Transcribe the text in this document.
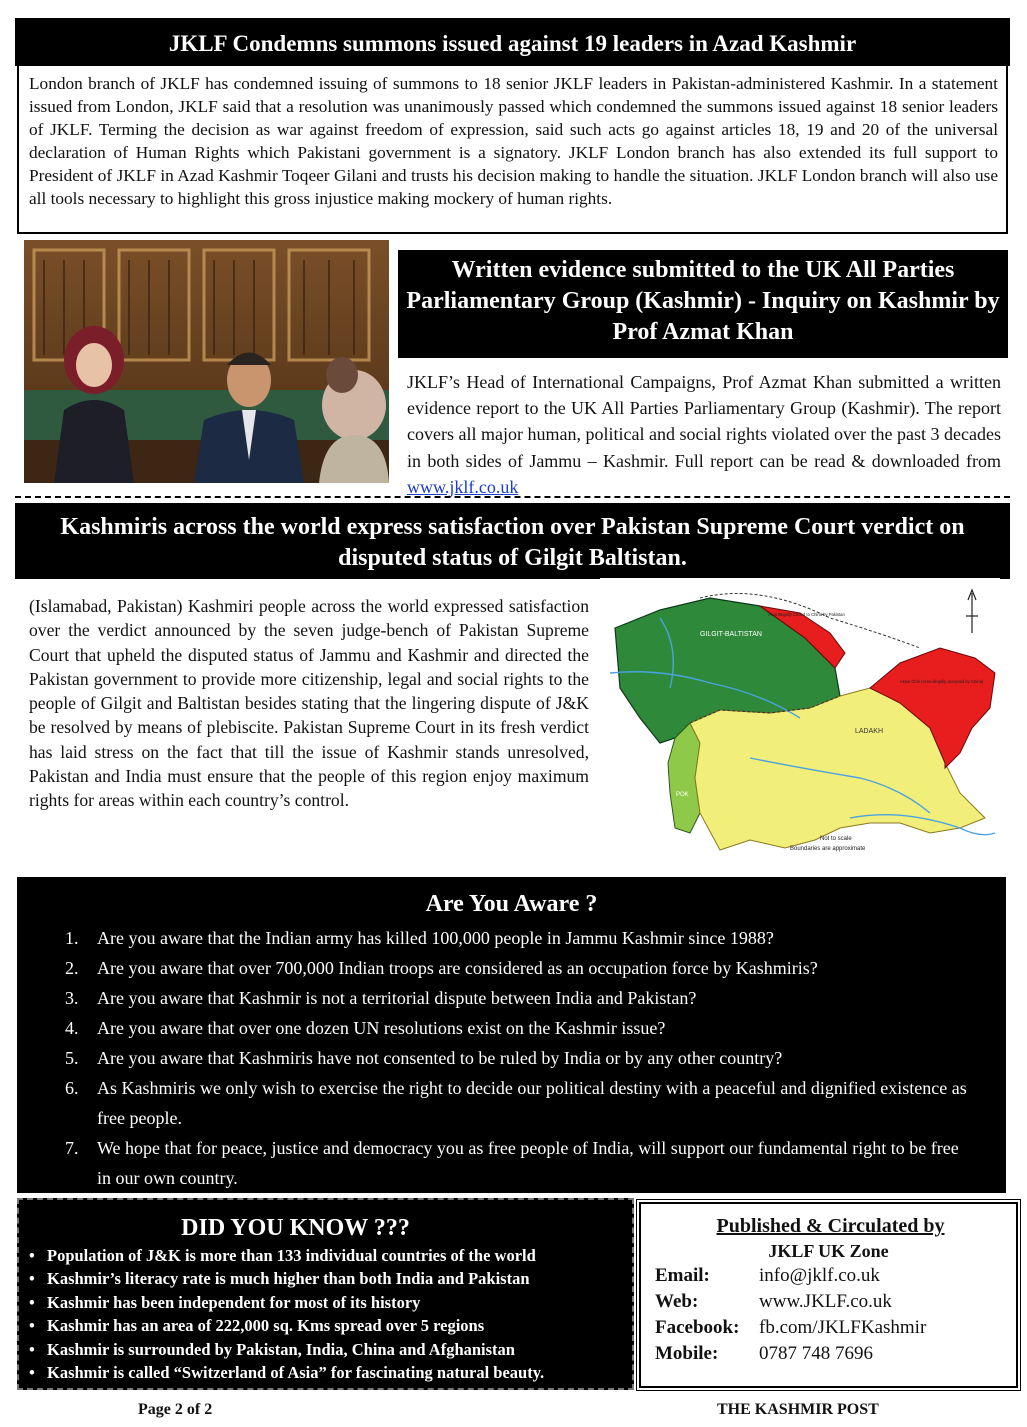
JKLF Condemns summons issued against 19 leaders in Azad Kashmir
London branch of JKLF has condemned issuing of summons to 18 senior JKLF leaders in Pakistan-administered Kashmir. In a statement issued from London, JKLF said that a resolution was unanimously passed which condemned the summons issued against 18 senior leaders of JKLF. Terming the decision as war against freedom of expression, said such acts go against articles 18, 19 and 20 of the universal declaration of Human Rights which Pakistani government is a signatory. JKLF London branch has also extended its full support to President of JKLF in Azad Kashmir Toqeer Gilani and trusts his decision making to handle the situation. JKLF London branch will also use all tools necessary to highlight this gross injustice making mockery of human rights.
Written evidence submitted to the UK All Parties Parliamentary Group (Kashmir) - Inquiry on Kashmir by Prof Azmat Khan
JKLF’s Head of International Campaigns, Prof Azmat Khan submitted a written evidence report to the UK All Parties Parliamentary Group (Kashmir). The report covers all major human, political and social rights violated over the past 3 decades in both sides of Jammu – Kashmir. Full report can be read & downloaded from www.jklf.co.uk
Kashmiris across the world express satisfaction over Pakistan Supreme Court verdict on disputed status of Gilgit Baltistan.
(Islamabad, Pakistan) Kashmiri people across the world expressed satisfaction over the verdict announced by the seven judge-bench of Pakistan Supreme Court that upheld the disputed status of Jammu and Kashmir and directed the Pakistan government to provide more citizenship, legal and social rights to the people of Gilgit and Baltistan besides stating that the lingering dispute of J&K be resolved by means of plebiscite. Pakistan Supreme Court in its fresh verdict has laid stress on the fact that till the issue of Kashmir stands unresolved, Pakistan and India must ensure that the people of this region enjoy maximum rights for areas within each country’s control.
GILGIT-BALTISTAN
LADAKH
POK
Area illegally Ceded to China by Pakistan
Aksai Chin (Area illegally occupied by China)
Not to scale
Boundaries are approximate
Are You Aware ?
1.	Are you aware that the Indian army has killed 100,000 people in Jammu Kashmir since 1988?
2.	Are you aware that over 700,000 Indian troops are considered as an occupation force by Kashmiris?
3.	Are you aware that Kashmir is not a territorial dispute between India and Pakistan?
4.	Are you aware that over one dozen UN resolutions exist on the Kashmir issue?
5.	Are you aware that Kashmiris have not consented to be ruled by India or by any other country?
6.	As Kashmiris we only wish to exercise the right to decide our political destiny with a peaceful and dignified existence as free people.
7.	We hope that for peace, justice and democracy you as free people of India, will support our fundamental right to be free in our own country.
DID YOU KNOW ???
• Population of J&K is more than 133 individual countries of the world
• Kashmir’s literacy rate is much higher than both India and Pakistan
• Kashmir has been independent for most of its history
• Kashmir has an area of 222,000 sq. Kms spread over 5 regions
• Kashmir is surrounded by Pakistan, India, China and Afghanistan
• Kashmir is called “Switzerland of Asia” for fascinating natural beauty.
Published & Circulated by
JKLF UK Zone
Email:	info@jklf.co.uk
Web:	www.JKLF.co.uk
Facebook:	fb.com/JKLFKashmir
Mobile:	0787 748 7696
Page 2 of 2	THE KASHMIR POST
